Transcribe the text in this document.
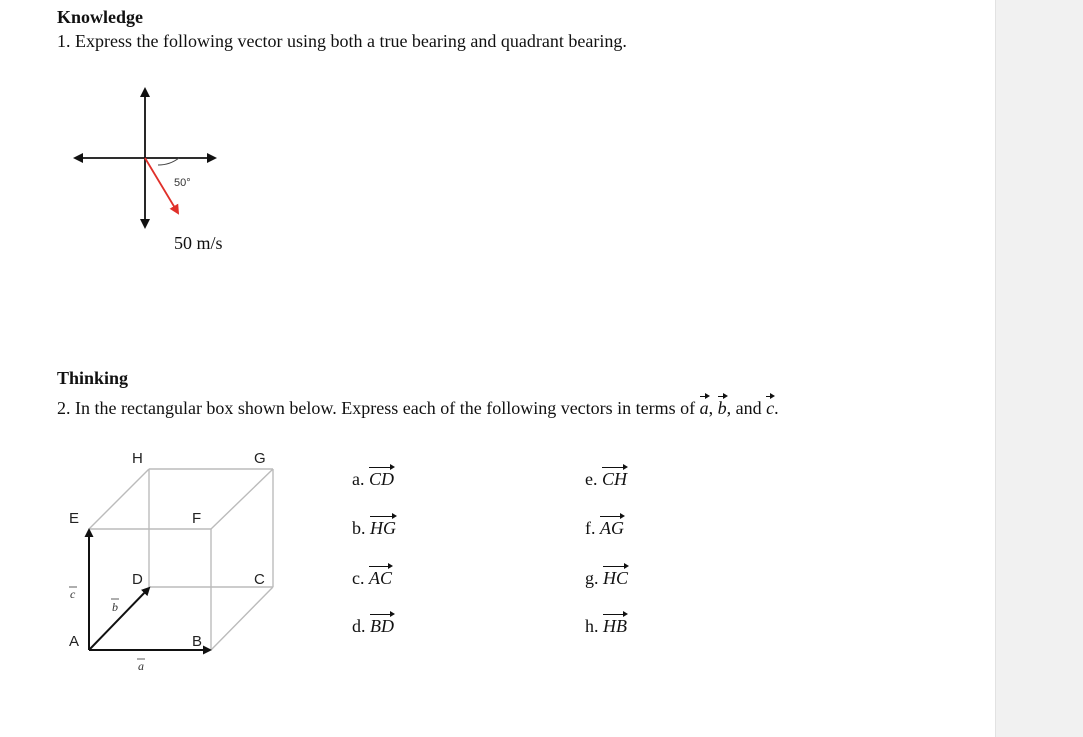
Knowledge
1. Express the following vector using both a true bearing and quadrant bearing.
50°
50 m/s
Thinking
2. In the rectangular box shown below. Express each of the following vectors in terms of a, b, and c.
H	G
E	F
D	C
A	B
c
b
a
a. CD
b. HG
c. AC
d. BD
e. CH
f. AG
g. HC
h. HB
